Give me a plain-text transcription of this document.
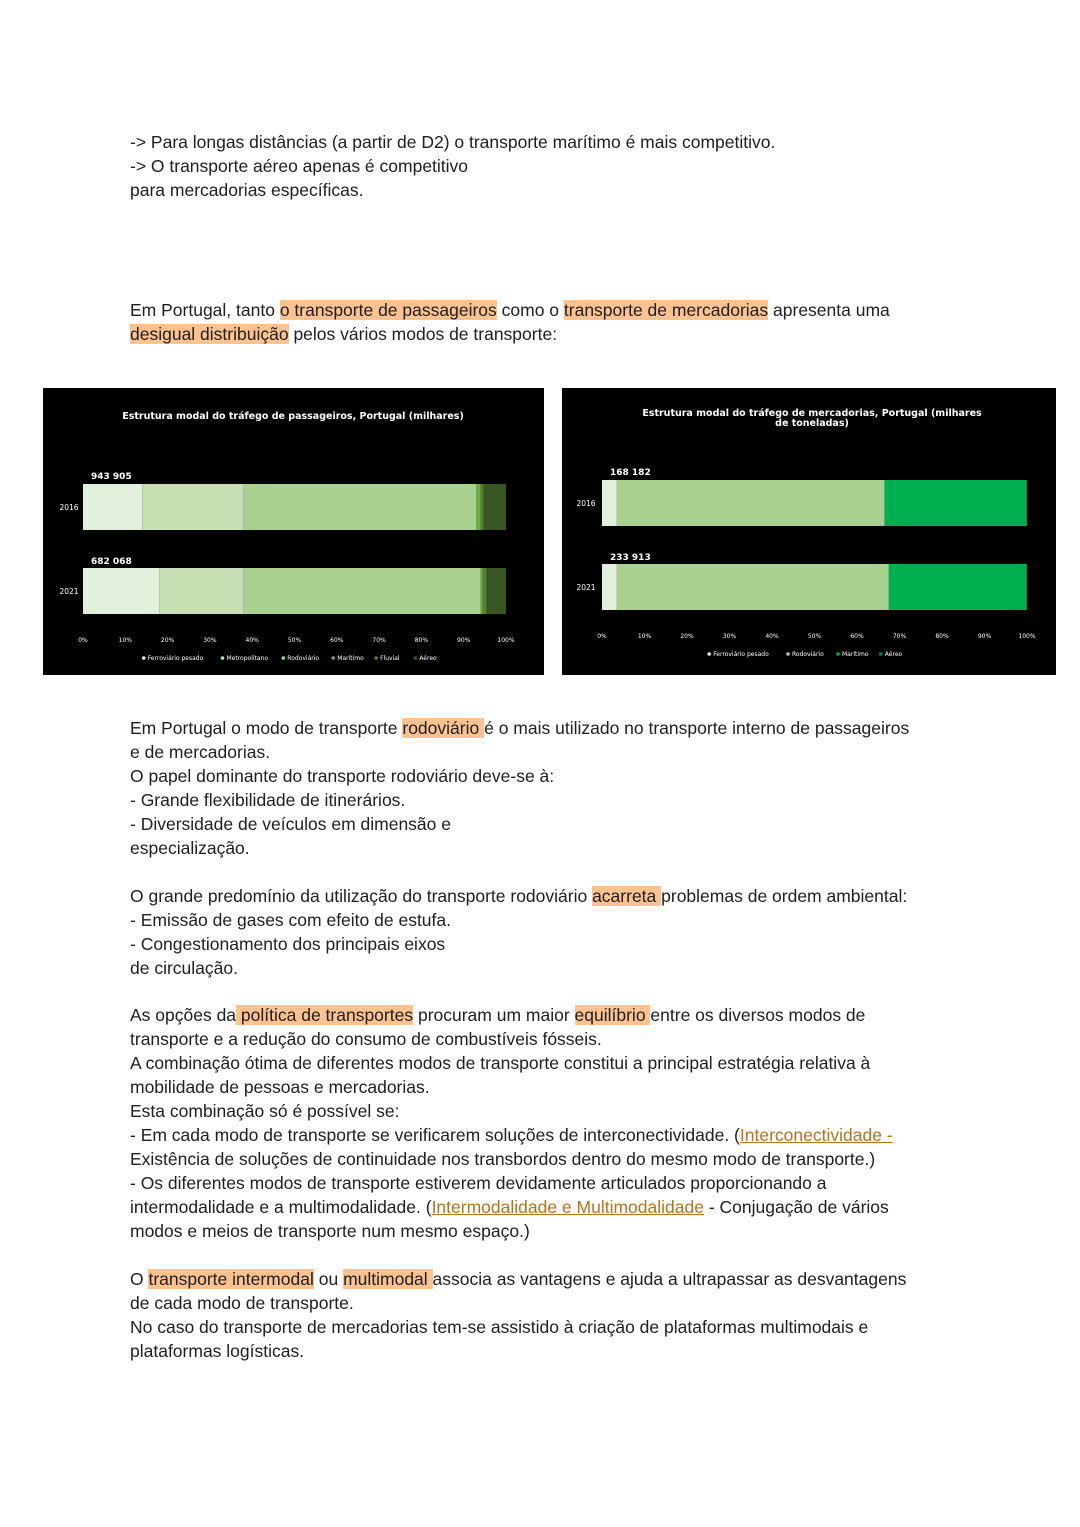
-> Para longas distâncias (a partir de D2) o transporte marítimo é mais competitivo.
-> O transporte aéreo apenas é competitivo
para mercadorias específicas.
Em Portugal, tanto o transporte de passageiros como o transporte de mercadorias apresenta uma
desigual distribuição pelos vários modos de transporte:
Estrutura modal do tráfego de passageiros, Portugal (milhares)
943 905
2016
682 068
2021
0%	10%	20%	30%	40%	50%	60%	70%	80%	90%	100%
Ferroviário pesado	Metropolitano	Rodoviário	Marítimo	Fluvial	Aéreo
Estrutura modal do tráfego de mercadorias, Portugal (milhares
de toneladas)
168 182
2016
233 913
2021
0%	10%	20%	30%	40%	50%	60%	70%	80%	90%	100%
Ferroviário pesado	Rodoviário	Marítimo	Aéreo
Em Portugal o modo de transporte rodoviário é o mais utilizado no transporte interno de passageiros
e de mercadorias.
O papel dominante do transporte rodoviário deve-se à:
- Grande flexibilidade de itinerários.
- Diversidade de veículos em dimensão e
especialização.
O grande predomínio da utilização do transporte rodoviário acarreta problemas de ordem ambiental:
- Emissão de gases com efeito de estufa.
- Congestionamento dos principais eixos
de circulação.
As opções da política de transportes procuram um maior equilíbrio entre os diversos modos de
transporte e a redução do consumo de combustíveis fósseis.
A combinação ótima de diferentes modos de transporte constitui a principal estratégia relativa à
mobilidade de pessoas e mercadorias.
Esta combinação só é possível se:
- Em cada modo de transporte se verificarem soluções de interconectividade. (Interconectividade -
Existência de soluções de continuidade nos transbordos dentro do mesmo modo de transporte.)
- Os diferentes modos de transporte estiverem devidamente articulados proporcionando a
intermodalidade e a multimodalidade. (Intermodalidade e Multimodalidade - Conjugação de vários
modos e meios de transporte num mesmo espaço.)
O transporte intermodal ou multimodal associa as vantagens e ajuda a ultrapassar as desvantagens
de cada modo de transporte.
No caso do transporte de mercadorias tem-se assistido à criação de plataformas multimodais e
plataformas logísticas.
